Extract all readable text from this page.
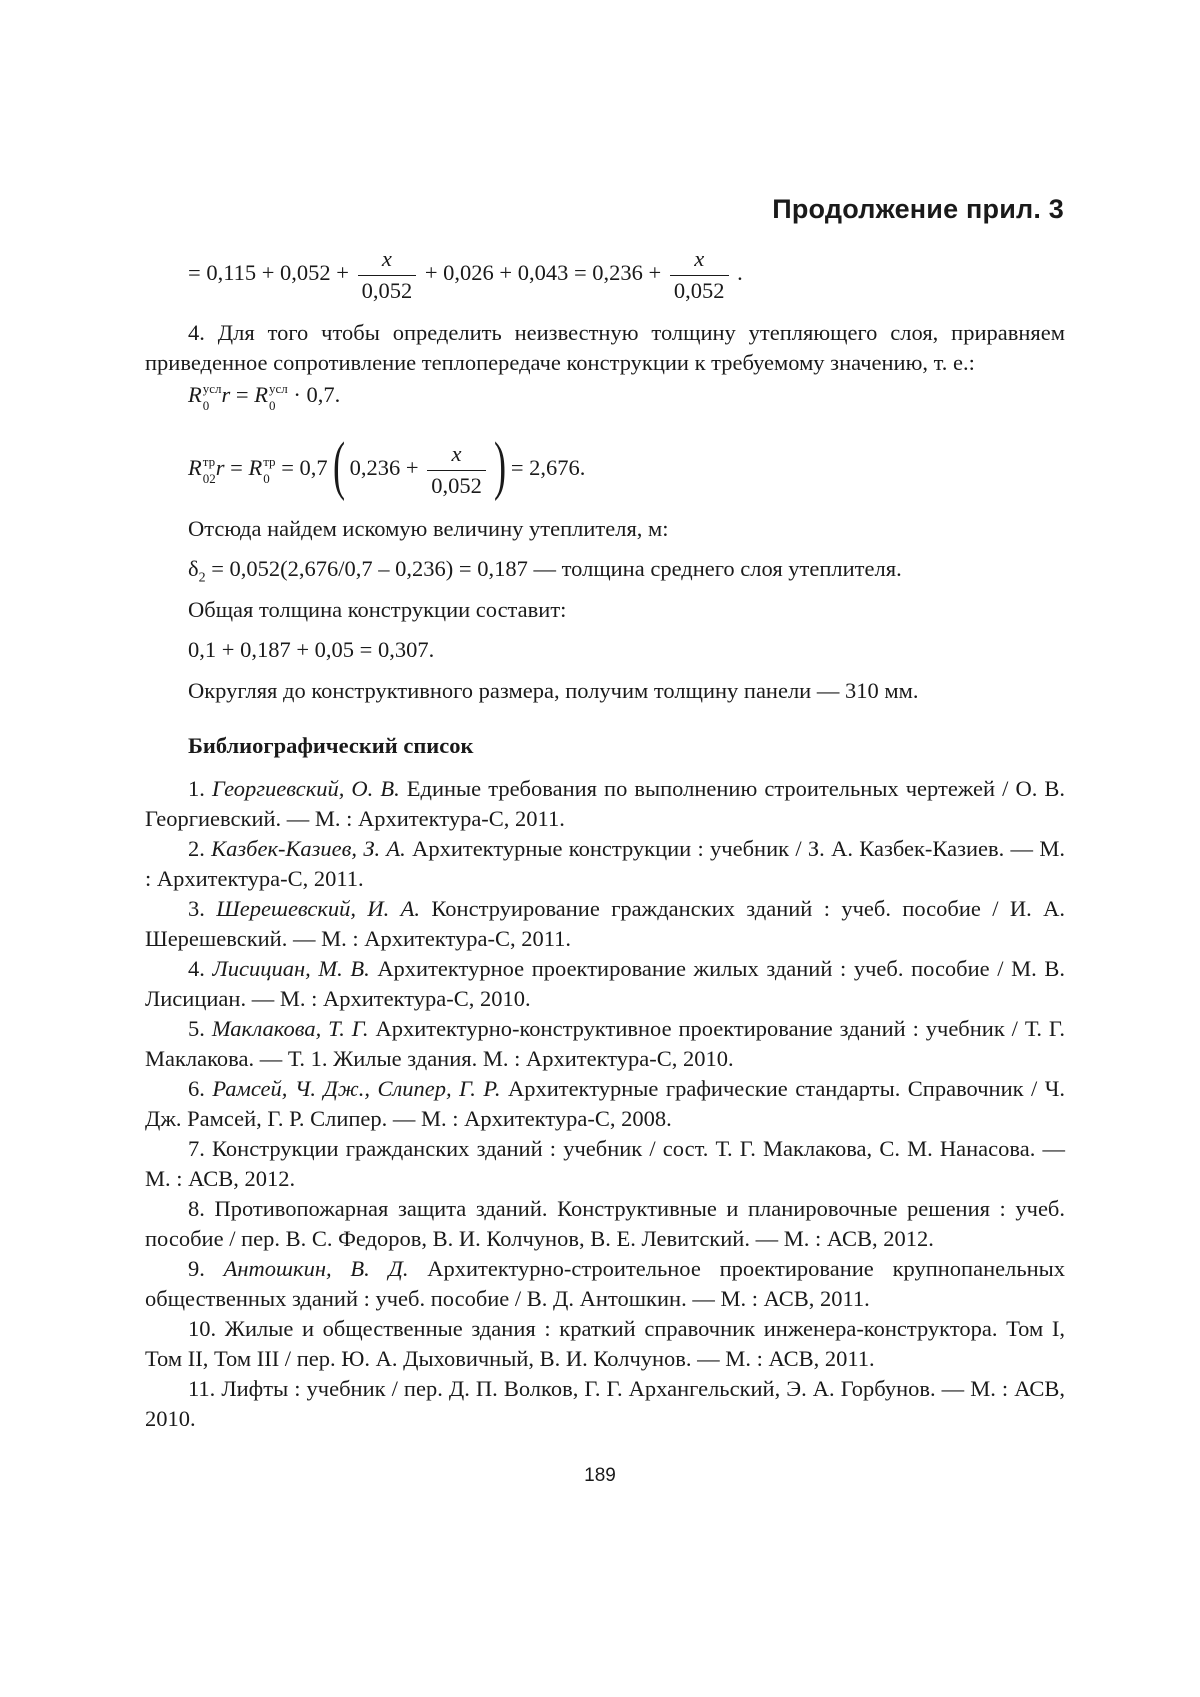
Продолжение прил. 3
= $0,115 + 0,052 + \frac{x}{0,052} + 0,026 + 0,043 = 0,236 + \frac{x}{0,052}$ .

4. Для того чтобы определить неизвестную толщину утепляющего слоя, приравняем приведенное сопротивление теплопередаче конструкции к требуемому значению, т. е.:

R усл
0 r = R усл
0 · 0,7.
R тр
02 r = R тр
0 = 0,7( $0,236 + \frac{x}{0,052}$ ) = 2,676.
Отсюда найдем искомую величину утеплителя, м:
$\delta_2 = 0,052(2,676/0,7 - 0,236) = 0,187$ — толщина среднего слоя утеплителя.
Общая толщина конструкции составит:
0,1 + 0,187 + 0,05 = 0,307.
Округляя до конструктивного размера, получим толщину панели — 310 мм.
Библиографический список

1. Георгиевский, О. В. Единые требования по выполнению строительных чертежей / О. В. Георгиевский. — М. : Архитектура-С, 2011.

2. Казбек-Казиев, З. А. Архитектурные конструкции : учебник / З. А. Казбек-Казиев. — М. : Архитектура-С, 2011.

3. Шерешевский, И. А. Конструирование гражданских зданий : учеб. пособие / И. А. Шерешевский. — М. : Архитектура-С, 2011.

4. Лисициан, М. В. Архитектурное проектирование жилых зданий : учеб. пособие / М. В. Лисициан. — М. : Архитектура-С, 2010.

5. Маклакова, Т. Г. Архитектурно-конструктивное проектирование зданий : учебник / Т. Г. Маклакова. — Т. 1. Жилые здания. М. : Архитектура-С, 2010.

6. Рамсей, Ч. Дж., Слипер, Г. Р. Архитектурные графические стандарты. Справочник / Ч. Дж. Рамсей, Г. Р. Слипер. — М. : Архитектура-С, 2008.

7. Конструкции гражданских зданий : учебник / сост. Т. Г. Маклакова, С. М. Нанасова. — М. : АСВ, 2012.

8. Противопожарная защита зданий. Конструктивные и планировочные решения : учеб. пособие / пер. В. С. Федоров, В. И. Колчунов, В. Е. Левитский. — М. : АСВ, 2012.

9. Антошкин, В. Д. Архитектурно-строительное проектирование крупнопанельных общественных зданий : учеб. пособие / В. Д. Антошкин. — М. : АСВ, 2011.

10. Жилые и общественные здания : краткий справочник инженера-конструктора. Том I, Том II, Том III / пер. Ю. А. Дыховичный, В. И. Колчунов. — М. : АСВ, 2011.

11. Лифты : учебник / пер. Д. П. Волков, Г. Г. Архангельский, Э. А. Горбунов. — М. : АСВ, 2010.

189
